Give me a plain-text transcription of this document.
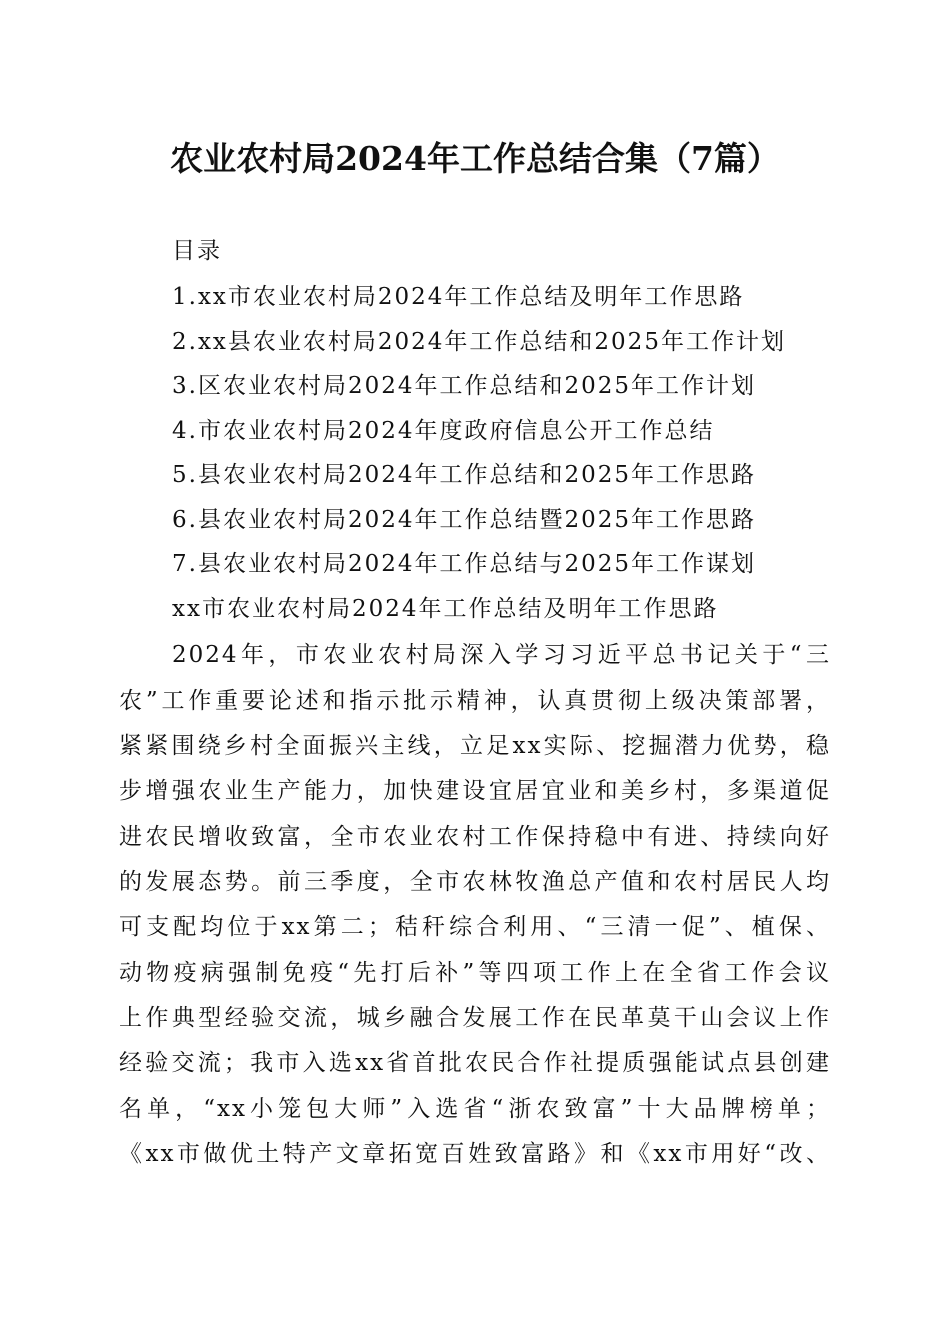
农业农村局2024年工作总结合集（7篇）
目录
1.xx市农业农村局2024年工作总结及明年工作思路
2.xx县农业农村局2024年工作总结和2025年工作计划
3.区农业农村局2024年工作总结和2025年工作计划
4.市农业农村局2024年度政府信息公开工作总结
5.县农业农村局2024年工作总结和2025年工作思路
6.县农业农村局2024年工作总结暨2025年工作思路
7.县农业农村局2024年工作总结与2025年工作谋划
xx市农业农村局2024年工作总结及明年工作思路
2024年，市农业农村局深入学习习近平总书记关于“三
农”工作重要论述和指示批示精神，认真贯彻上级决策部署，
紧紧围绕乡村全面振兴主线，立足xx实际、挖掘潜力优势，稳
步增强农业生产能力，加快建设宜居宜业和美乡村，多渠道促
进农民增收致富，全市农业农村工作保持稳中有进、持续向好
的发展态势。前三季度，全市农林牧渔总产值和农村居民人均
可支配均位于xx第二；秸秆综合利用、“三清一促”、植保、
动物疫病强制免疫“先打后补”等四项工作上在全省工作会议
上作典型经验交流，城乡融合发展工作在民革莫干山会议上作
经验交流；我市入选xx省首批农民合作社提质强能试点县创建
名单，“xx小笼包大师”入选省“浙农致富”十大品牌榜单；
《xx市做优土特产文章拓宽百姓致富路》和《xx市用好“改、
